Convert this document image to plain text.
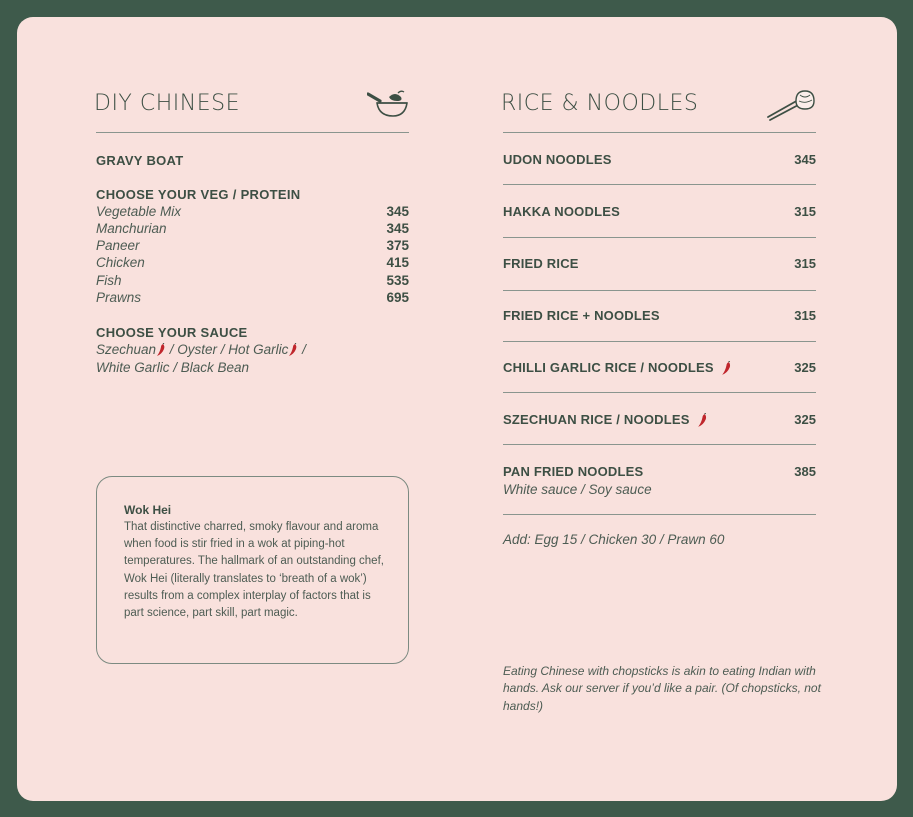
DIY CHINESE
GRAVY BOAT
CHOOSE YOUR VEG / PROTEIN
Vegetable Mix	345
Manchurian	345
Paneer	375
Chicken	415
Fish	535
Prawns	695
CHOOSE YOUR SAUCE
Szechuan / Oyster / Hot Garlic /
White Garlic / Black Bean
Wok Hei
That distinctive charred, smoky flavour and aroma when food is stir fried in a wok at piping-hot temperatures. The hallmark of an outstanding chef, Wok Hei (literally translates to ‘breath of a wok’) results from a complex interplay of factors that is part science, part skill, part magic.
RICE & NOODLES
UDON NOODLES	345
HAKKA NOODLES	315
FRIED RICE	315
FRIED RICE + NOODLES	315
CHILLI GARLIC RICE / NOODLES	325
SZECHUAN RICE / NOODLES	325
PAN FRIED NOODLES	385
White sauce / Soy sauce
Add: Egg 15 / Chicken 30 / Prawn 60
Eating Chinese with chopsticks is akin to eating Indian with hands. Ask our server if you’d like a pair. (Of chopsticks, not hands!)
